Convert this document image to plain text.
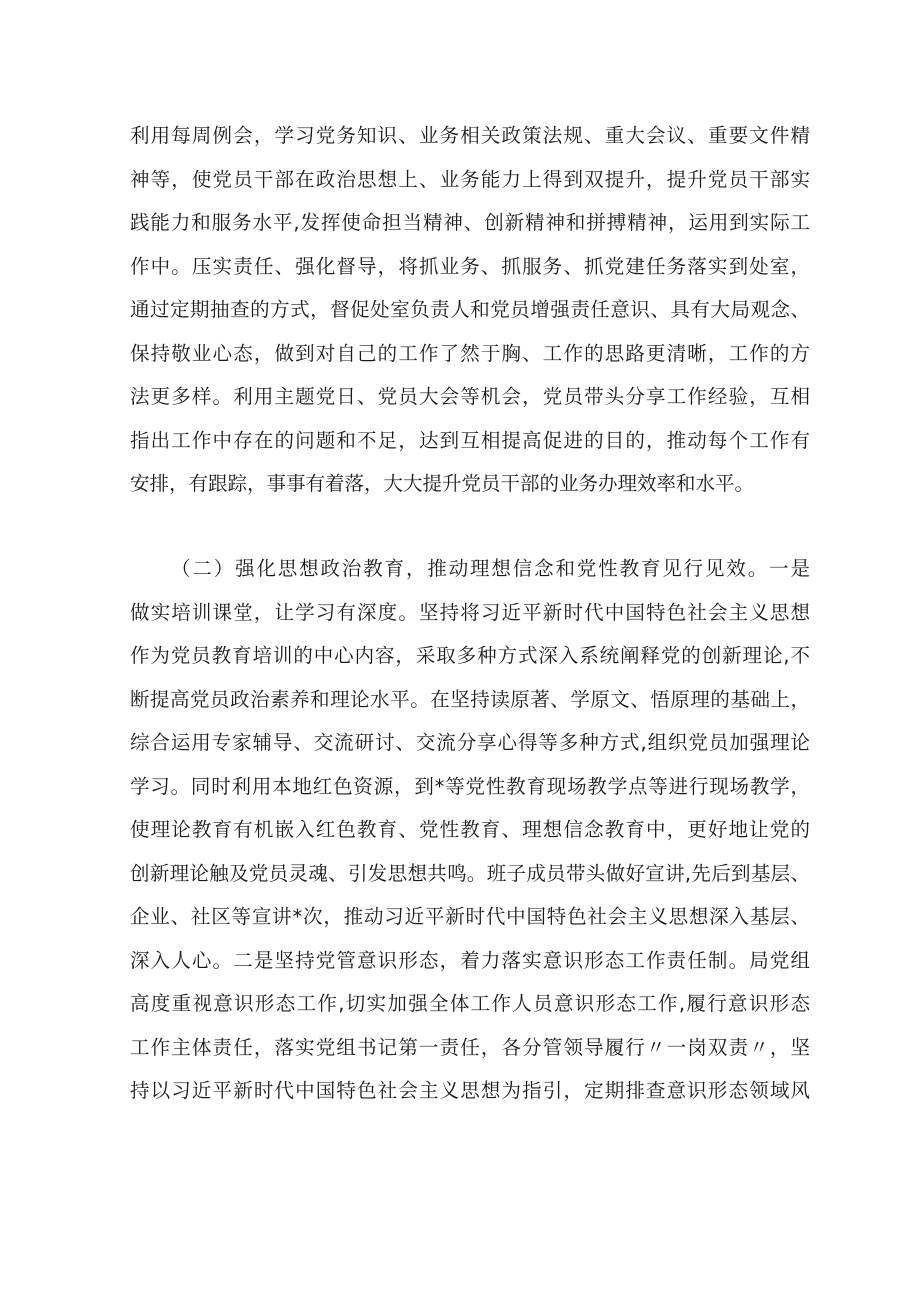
利用每周例会，学习党务知识、业务相关政策法规、重大会议、重要文件精
神等，使党员干部在政治思想上、业务能力上得到双提升，提升党员干部实
践能力和服务水平,发挥使命担当精神、创新精神和拼搏精神，运用到实际工
作中。压实责任、强化督导，将抓业务、抓服务、抓党建任务落实到处室，
通过定期抽查的方式，督促处室负责人和党员增强责任意识、具有大局观念、
保持敬业心态，做到对自己的工作了然于胸、工作的思路更清晰，工作的方
法更多样。利用主题党日、党员大会等机会，党员带头分享工作经验，互相
指出工作中存在的问题和不足，达到互相提高促进的目的，推动每个工作有
安排，有跟踪，事事有着落，大大提升党员干部的业务办理效率和水平。
（二）强化思想政治教育，推动理想信念和党性教育见行见效。一是
做实培训课堂，让学习有深度。坚持将习近平新时代中国特色社会主义思想
作为党员教育培训的中心内容，采取多种方式深入系统阐释党的创新理论,不
断提高党员政治素养和理论水平。在坚持读原著、学原文、悟原理的基础上，
综合运用专家辅导、交流研讨、交流分享心得等多种方式,组织党员加强理论
学习。同时利用本地红色资源，到*等党性教育现场教学点等进行现场教学，
使理论教育有机嵌入红色教育、党性教育、理想信念教育中，更好地让党的
创新理论触及党员灵魂、引发思想共鸣。班子成员带头做好宣讲,先后到基层、
企业、社区等宣讲*次，推动习近平新时代中国特色社会主义思想深入基层、
深入人心。二是坚持党管意识形态，着力落实意识形态工作责任制。局党组
高度重视意识形态工作,切实加强全体工作人员意识形态工作,履行意识形态
工作主体责任，落实党组书记第一责任，各分管领导履行〃一岗双责〃，坚
持以习近平新时代中国特色社会主义思想为指引，定期排查意识形态领域风
